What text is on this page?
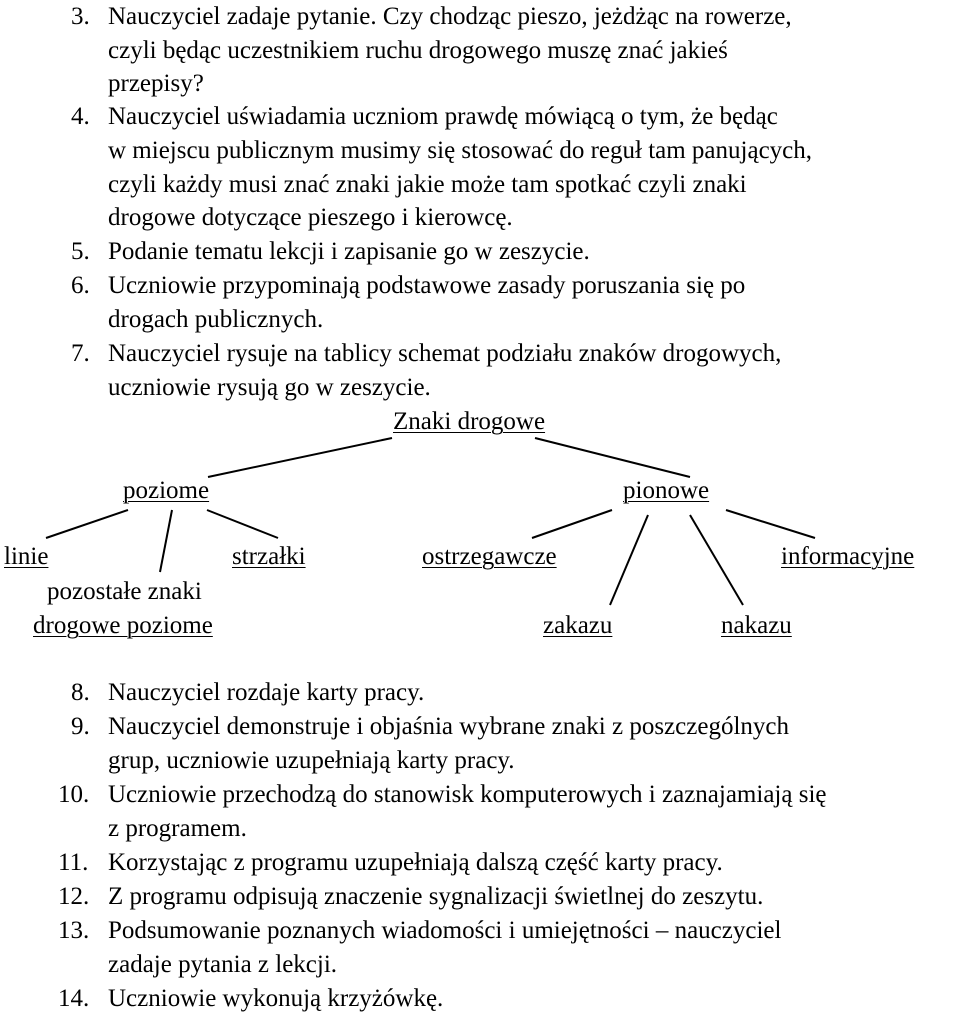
3. Nauczyciel zadaje pytanie. Czy chodząc pieszo, jeżdżąc na rowerze,
czyli będąc uczestnikiem ruchu drogowego muszę znać jakieś
przepisy?
4. Nauczyciel uświadamia uczniom prawdę mówiącą o tym, że będąc
w miejscu publicznym musimy się stosować do reguł tam panujących,
czyli każdy musi znać znaki jakie może tam spotkać czyli znaki
drogowe dotyczące pieszego i kierowcę.
5. Podanie tematu lekcji i zapisanie go w zeszycie.
6. Uczniowie przypominają podstawowe zasady poruszania się po
drogach publicznych.
7. Nauczyciel rysuje na tablicy schemat podziału znaków drogowych,
uczniowie rysują go w zeszycie.
Znaki drogowe
poziome	pionowe
linie	strzałki	ostrzegawcze	informacyjne
pozostałe znaki
drogowe poziome	zakazu	nakazu
8. Nauczyciel rozdaje karty pracy.
9. Nauczyciel demonstruje i objaśnia wybrane znaki z poszczególnych
grup, uczniowie uzupełniają karty pracy.
10. Uczniowie przechodzą do stanowisk komputerowych i zaznajamiają się
z programem.
11. Korzystając z programu uzupełniają dalszą część karty pracy.
12. Z programu odpisują znaczenie sygnalizacji świetlnej do zeszytu.
13. Podsumowanie poznanych wiadomości i umiejętności – nauczyciel
zadaje pytania z lekcji.
14. Uczniowie wykonują krzyżówkę.
